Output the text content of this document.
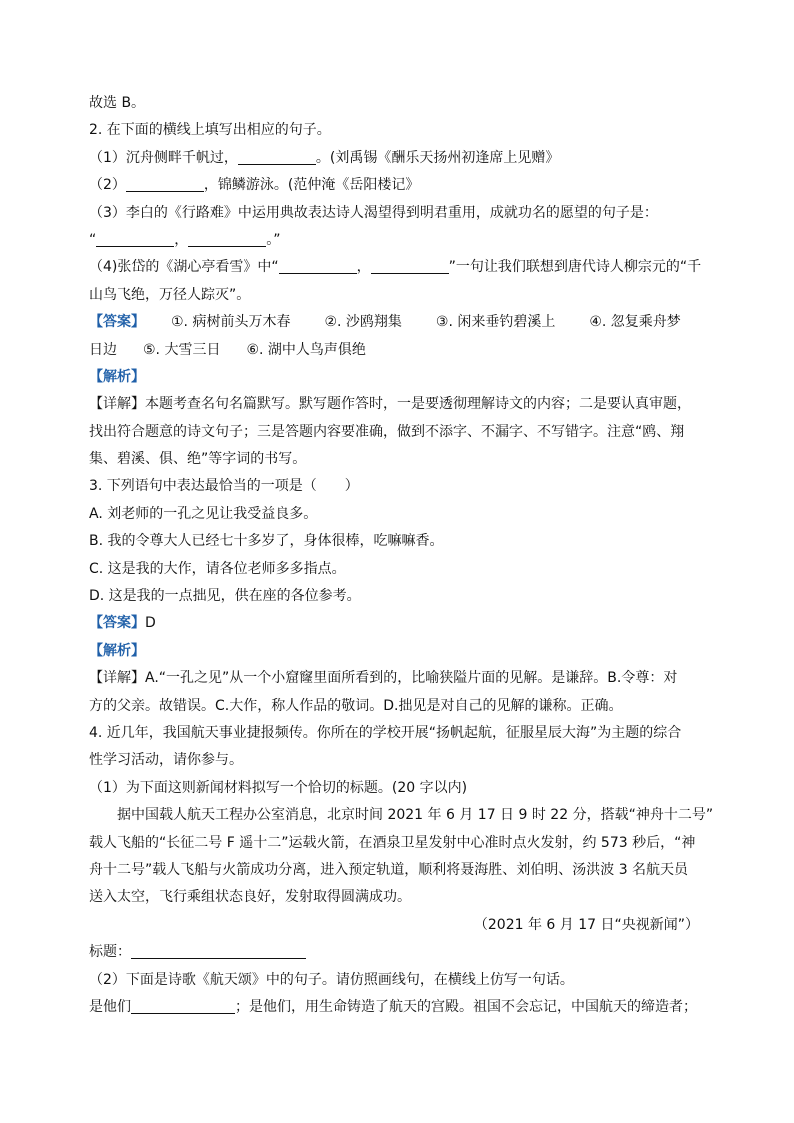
故选 B。
2. 在下面的横线上填写出相应的句子。
（1）沉舟侧畔千帆过，	。(刘禹锡《酬乐天扬州初逢席上见赠》
（2）	，锦鳞游泳。(范仲淹《岳阳楼记》
（3）李白的《行路难》中运用典故表达诗人渴望得到明君重用，成就功名的愿望的句子是：
“	，	。”
（4)张岱的《湖心亭看雪》中“	，	”一句让我们联想到唐代诗人柳宗元的“千
山鸟飞绝，万径人踪灭”。
【答案】 ①. 病树前头万木春 ②. 沙鸥翔集 ③. 闲来垂钓碧溪上 ④. 忽复乘舟梦
日边 ⑤. 大雪三日 ⑥. 湖中人鸟声俱绝
【解析】
【详解】本题考查名句名篇默写。默写题作答时，一是要透彻理解诗文的内容；二是要认真审题，
找出符合题意的诗文句子；三是答题内容要准确，做到不添字、不漏字、不写错字。注意“鸥、翔
集、碧溪、俱、绝”等字词的书写。
3. 下列语句中表达最恰当的一项是（　　）
A. 刘老师的一孔之见让我受益良多。
B. 我的令尊大人已经七十多岁了，身体很棒，吃嘛嘛香。
C. 这是我的大作，请各位老师多多指点。
D. 这是我的一点拙见，供在座的各位参考。
【答案】D
【解析】
【详解】A.“一孔之见”从一个小窟窿里面所看到的，比喻狭隘片面的见解。是谦辞。B.令尊：对
方的父亲。故错误。C.大作，称人作品的敬词。D.拙见是对自己的见解的谦称。正确。
4. 近几年，我国航天事业捷报频传。你所在的学校开展“扬帆起航，征服星辰大海”为主题的综合
性学习活动，请你参与。
（1）为下面这则新闻材料拟写一个恰切的标题。(20 字以内)
据中国载人航天工程办公室消息，北京时间 2021 年 6 月 17 日 9 时 22 分，搭载“神舟十二号”
载人飞船的“长征二号 F 遥十二”运载火箭，在酒泉卫星发射中心准时点火发射，约 573 秒后，“神
舟十二号”载人飞船与火箭成功分离，进入预定轨道，顺利将聂海胜、刘伯明、汤洪波 3 名航天员
送入太空，飞行乘组状态良好，发射取得圆满成功。
（2021 年 6 月 17 日“央视新闻”）
标题：
（2）下面是诗歌《航天颂》中的句子。请仿照画线句，在横线上仿写一句话。
是他们	；是他们，用生命铸造了航天的宫殿。祖国不会忘记，中国航天的缔造者；
